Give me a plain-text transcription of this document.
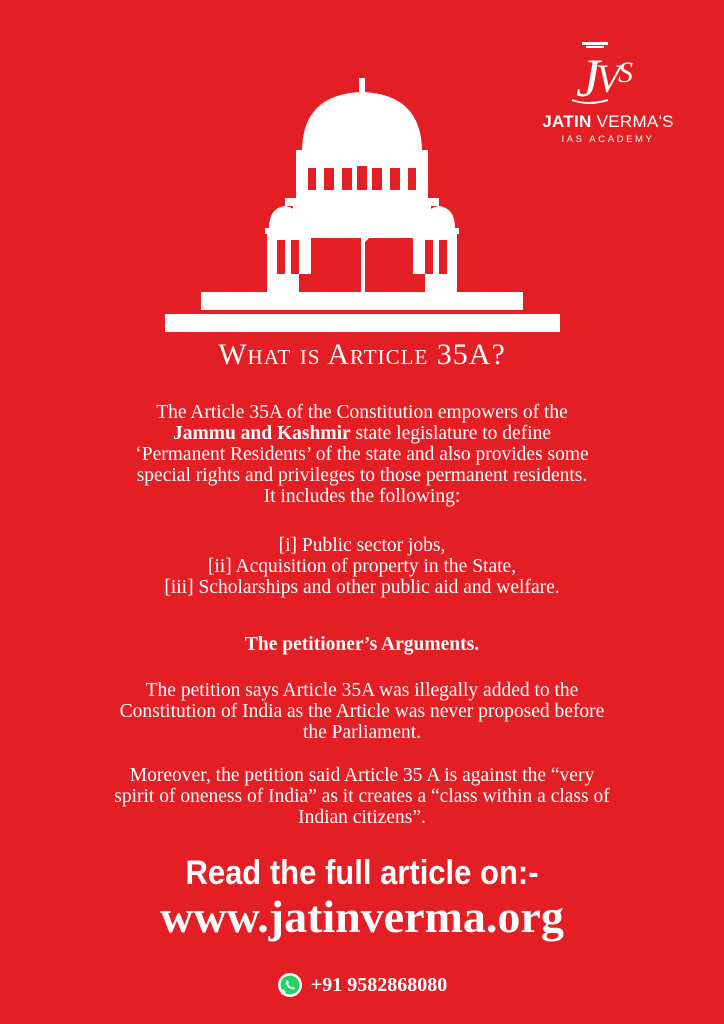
J
V
S
JATIN VERMA'S
IAS ACADEMY
What is Article 35A?

The Article 35A of the Constitution empowers of the

Jammu and Kashmir state legislature to define

‘Permanent Residents’ of the state and also provides some

special rights and privileges to those permanent residents.

It includes the following:

[i] Public sector jobs,

[ii] Acquisition of property in the State,

[iii] Scholarships and other public aid and welfare.

The petitioner’s Arguments.

The petition says Article 35A was illegally added to the

Constitution of India as the Article was never proposed before

the Parliament.

Moreover, the petition said Article 35 A is against the “very

spirit of oneness of India” as it creates a “class within a class of

Indian citizens”.

Read the full article on:-
www.jatinverma.org
+91 9582868080
